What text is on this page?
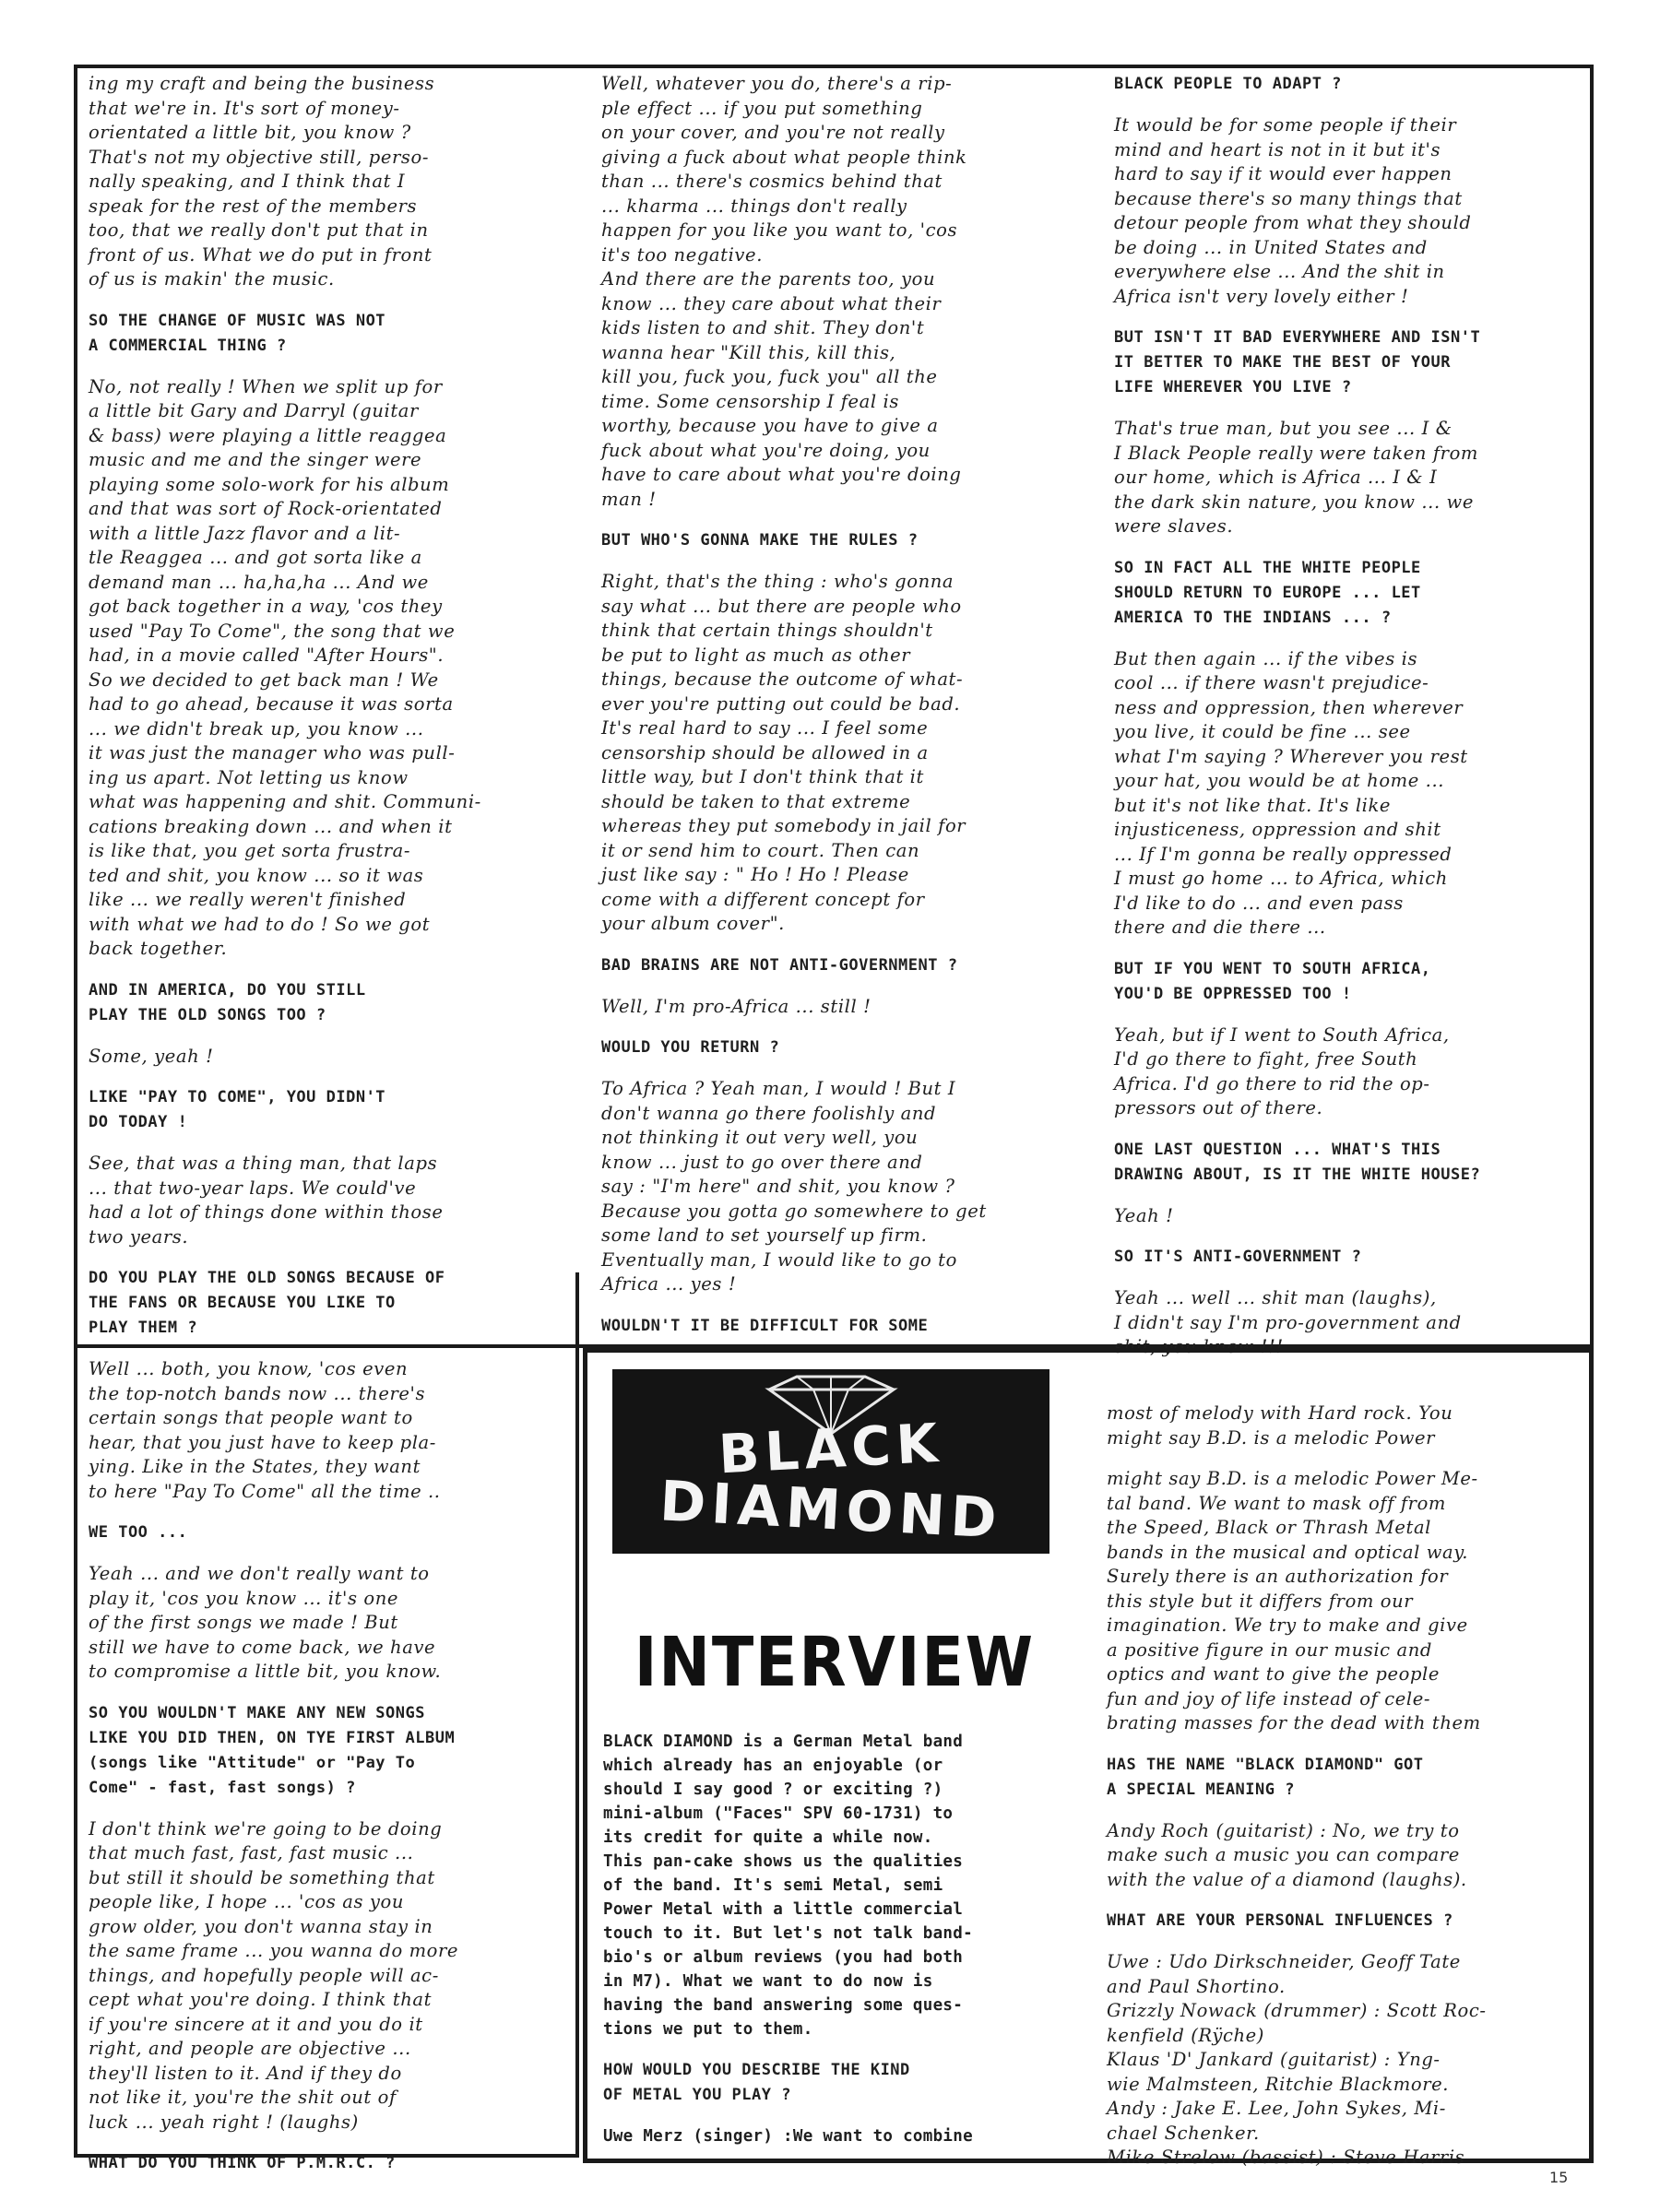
ing my craft and being the business
that we're in. It's sort of money-
orientated a little bit, you know ?
That's not my objective still, perso-
nally speaking, and I think that I
speak for the rest of the members
too, that we really don't put that in
front of us. What we do put in front
of us is makin' the music.

SO THE CHANGE OF MUSIC WAS NOT
A COMMERCIAL THING ?

No, not really ! When we split up for
a little bit Gary and Darryl (guitar
& bass) were playing a little reaggea
music and me and the singer were
playing some solo-work for his album
and that was sort of Rock-orientated
with a little Jazz flavor and a lit-
tle Reaggea ... and got sorta like a
demand man ... ha,ha,ha ... And we
got back together in a way, 'cos they
used "Pay To Come", the song that we
had, in a movie called "After Hours".
So we decided to get back man ! We
had to go ahead, because it was sorta
... we didn't break up, you know ...
it was just the manager who was pull-
ing us apart. Not letting us know
what was happening and shit. Communi-
cations breaking down ... and when it
is like that, you get sorta frustra-
ted and shit, you know ... so it was
like ... we really weren't finished
with what we had to do ! So we got
back together.

AND IN AMERICA, DO YOU STILL
PLAY THE OLD SONGS TOO ?

Some, yeah !

LIKE "PAY TO COME", YOU DIDN'T
DO TODAY !

See, that was a thing man, that laps
... that two-year laps. We could've
had a lot of things done within those
two years.

DO YOU PLAY THE OLD SONGS BECAUSE OF
THE FANS OR BECAUSE YOU LIKE TO
PLAY THEM ?

Well ... both, you know, 'cos even
the top-notch bands now ... there's
certain songs that people want to
hear, that you just have to keep pla-
ying. Like in the States, they want
to here "Pay To Come" all the time ..

WE TOO ...

Yeah ... and we don't really want to
play it, 'cos you know ... it's one
of the first songs we made ! But
still we have to come back, we have
to compromise a little bit, you know.

SO YOU WOULDN'T MAKE ANY NEW SONGS
LIKE YOU DID THEN, ON TYE FIRST ALBUM
(songs like "Attitude" or "Pay To
Come" - fast, fast songs) ?

I don't think we're going to be doing
that much fast, fast, fast music ...
but still it should be something that
people like, I hope ... 'cos as you
grow older, you don't wanna stay in
the same frame ... you wanna do more
things, and hopefully people will ac-
cept what you're doing. I think that
if you're sincere at it and you do it
right, and people are objective ...
they'll listen to it. And if they do
not like it, you're the shit out of
luck ... yeah right ! (laughs)

WHAT DO YOU THINK OF P.M.R.C. ?

Well, whatever you do, there's a rip-
ple effect ... if you put something
on your cover, and you're not really
giving a fuck about what people think
than ... there's cosmics behind that
... kharma ... things don't really
happen for you like you want to, 'cos
it's too negative.
And there are the parents too, you
know ... they care about what their
kids listen to and shit. They don't
wanna hear "Kill this, kill this,
kill you, fuck you, fuck you" all the
time. Some censorship I feal is
worthy, because you have to give a
fuck about what you're doing, you
have to care about what you're doing
man !

BUT WHO'S GONNA MAKE THE RULES ?

Right, that's the thing : who's gonna
say what ... but there are people who
think that certain things shouldn't
be put to light as much as other
things, because the outcome of what-
ever you're putting out could be bad.
It's real hard to say ... I feel some
censorship should be allowed in a
little way, but I don't think that it
should be taken to that extreme
whereas they put somebody in jail for
it or send him to court. Then can
just like say : " Ho ! Ho ! Please
come with a different concept for
your album cover".

BAD BRAINS ARE NOT ANTI-GOVERNMENT ?

Well, I'm pro-Africa ... still !

WOULD YOU RETURN ?

To Africa ? Yeah man, I would ! But I
don't wanna go there foolishly and
not thinking it out very well, you
know ... just to go over there and
say : "I'm here" and shit, you know ?
Because you gotta go somewhere to get
some land to set yourself up firm.
Eventually man, I would like to go to
Africa ... yes !

WOULDN'T IT BE DIFFICULT FOR SOME

BLACK PEOPLE TO ADAPT ?

It would be for some people if their
mind and heart is not in it but it's
hard to say if it would ever happen
because there's so many things that
detour people from what they should
be doing ... in United States and
everywhere else ... And the shit in
Africa isn't very lovely either !

BUT ISN'T IT BAD EVERYWHERE AND ISN'T
IT BETTER TO MAKE THE BEST OF YOUR
LIFE WHEREVER YOU LIVE ?

That's true man, but you see ... I &
I Black People really were taken from
our home, which is Africa ... I & I
the dark skin nature, you know ... we
were slaves.

SO IN FACT ALL THE WHITE PEOPLE
SHOULD RETURN TO EUROPE ... LET
AMERICA TO THE INDIANS ... ?

But then again ... if the vibes is
cool ... if there wasn't prejudice-
ness and oppression, then wherever
you live, it could be fine ... see
what I'm saying ? Wherever you rest
your hat, you would be at home ...
but it's not like that. It's like
injusticeness, oppression and shit
... If I'm gonna be really oppressed
I must go home ... to Africa, which
I'd like to do ... and even pass
there and die there ...

BUT IF YOU WENT TO SOUTH AFRICA,
YOU'D BE OPPRESSED TOO !

Yeah, but if I went to South Africa,
I'd go there to fight, free South
Africa. I'd go there to rid the op-
pressors out of there.

ONE LAST QUESTION ... WHAT'S THIS
DRAWING ABOUT, IS IT THE WHITE HOUSE?

Yeah !

SO IT'S ANTI-GOVERNMENT ?

Yeah ... well ... shit man (laughs),
I didn't say I'm pro-government and
shit, you know !!!

BLACK
DIAMOND
INTERVIEW

BLACK DIAMOND is a German Metal band
which already has an enjoyable (or
should I say good ? or exciting ?)
mini-album ("Faces" SPV 60-1731) to
its credit for quite a while now.
This pan-cake shows us the qualities
of the band. It's semi Metal, semi
Power Metal with a little commercial
touch to it. But let's not talk band-
bio's or album reviews (you had both
in M7). What we want to do now is
having the band answering some ques-
tions we put to them.

HOW WOULD YOU DESCRIBE THE KIND
OF METAL YOU PLAY ?

Uwe Merz (singer) :We want to combine

most of melody with Hard rock. You
might say B.D. is a melodic Power

might say B.D. is a melodic Power Me-
tal band. We want to mask off from
the Speed, Black or Thrash Metal
bands in the musical and optical way.
Surely there is an authorization for
this style but it differs from our
imagination. We try to make and give
a positive figure in our music and
optics and want to give the people
fun and joy of life instead of cele-
brating masses for the dead with them

HAS THE NAME "BLACK DIAMOND" GOT
A SPECIAL MEANING ?

Andy Roch (guitarist) : No, we try to
make such a music you can compare
with the value of a diamond (laughs).

WHAT ARE YOUR PERSONAL INFLUENCES ?

Uwe : Udo Dirkschneider, Geoff Tate
and Paul Shortino.
Grizzly Nowack (drummer) : Scott Roc-
kenfield (Rÿche)
Klaus 'D' Jankard (guitarist) : Yng-
wie Malmsteen, Ritchie Blackmore.
Andy : Jake E. Lee, John Sykes, Mi-
chael Schenker.
Mike Strelow (bassist) : Steve Harris

15
